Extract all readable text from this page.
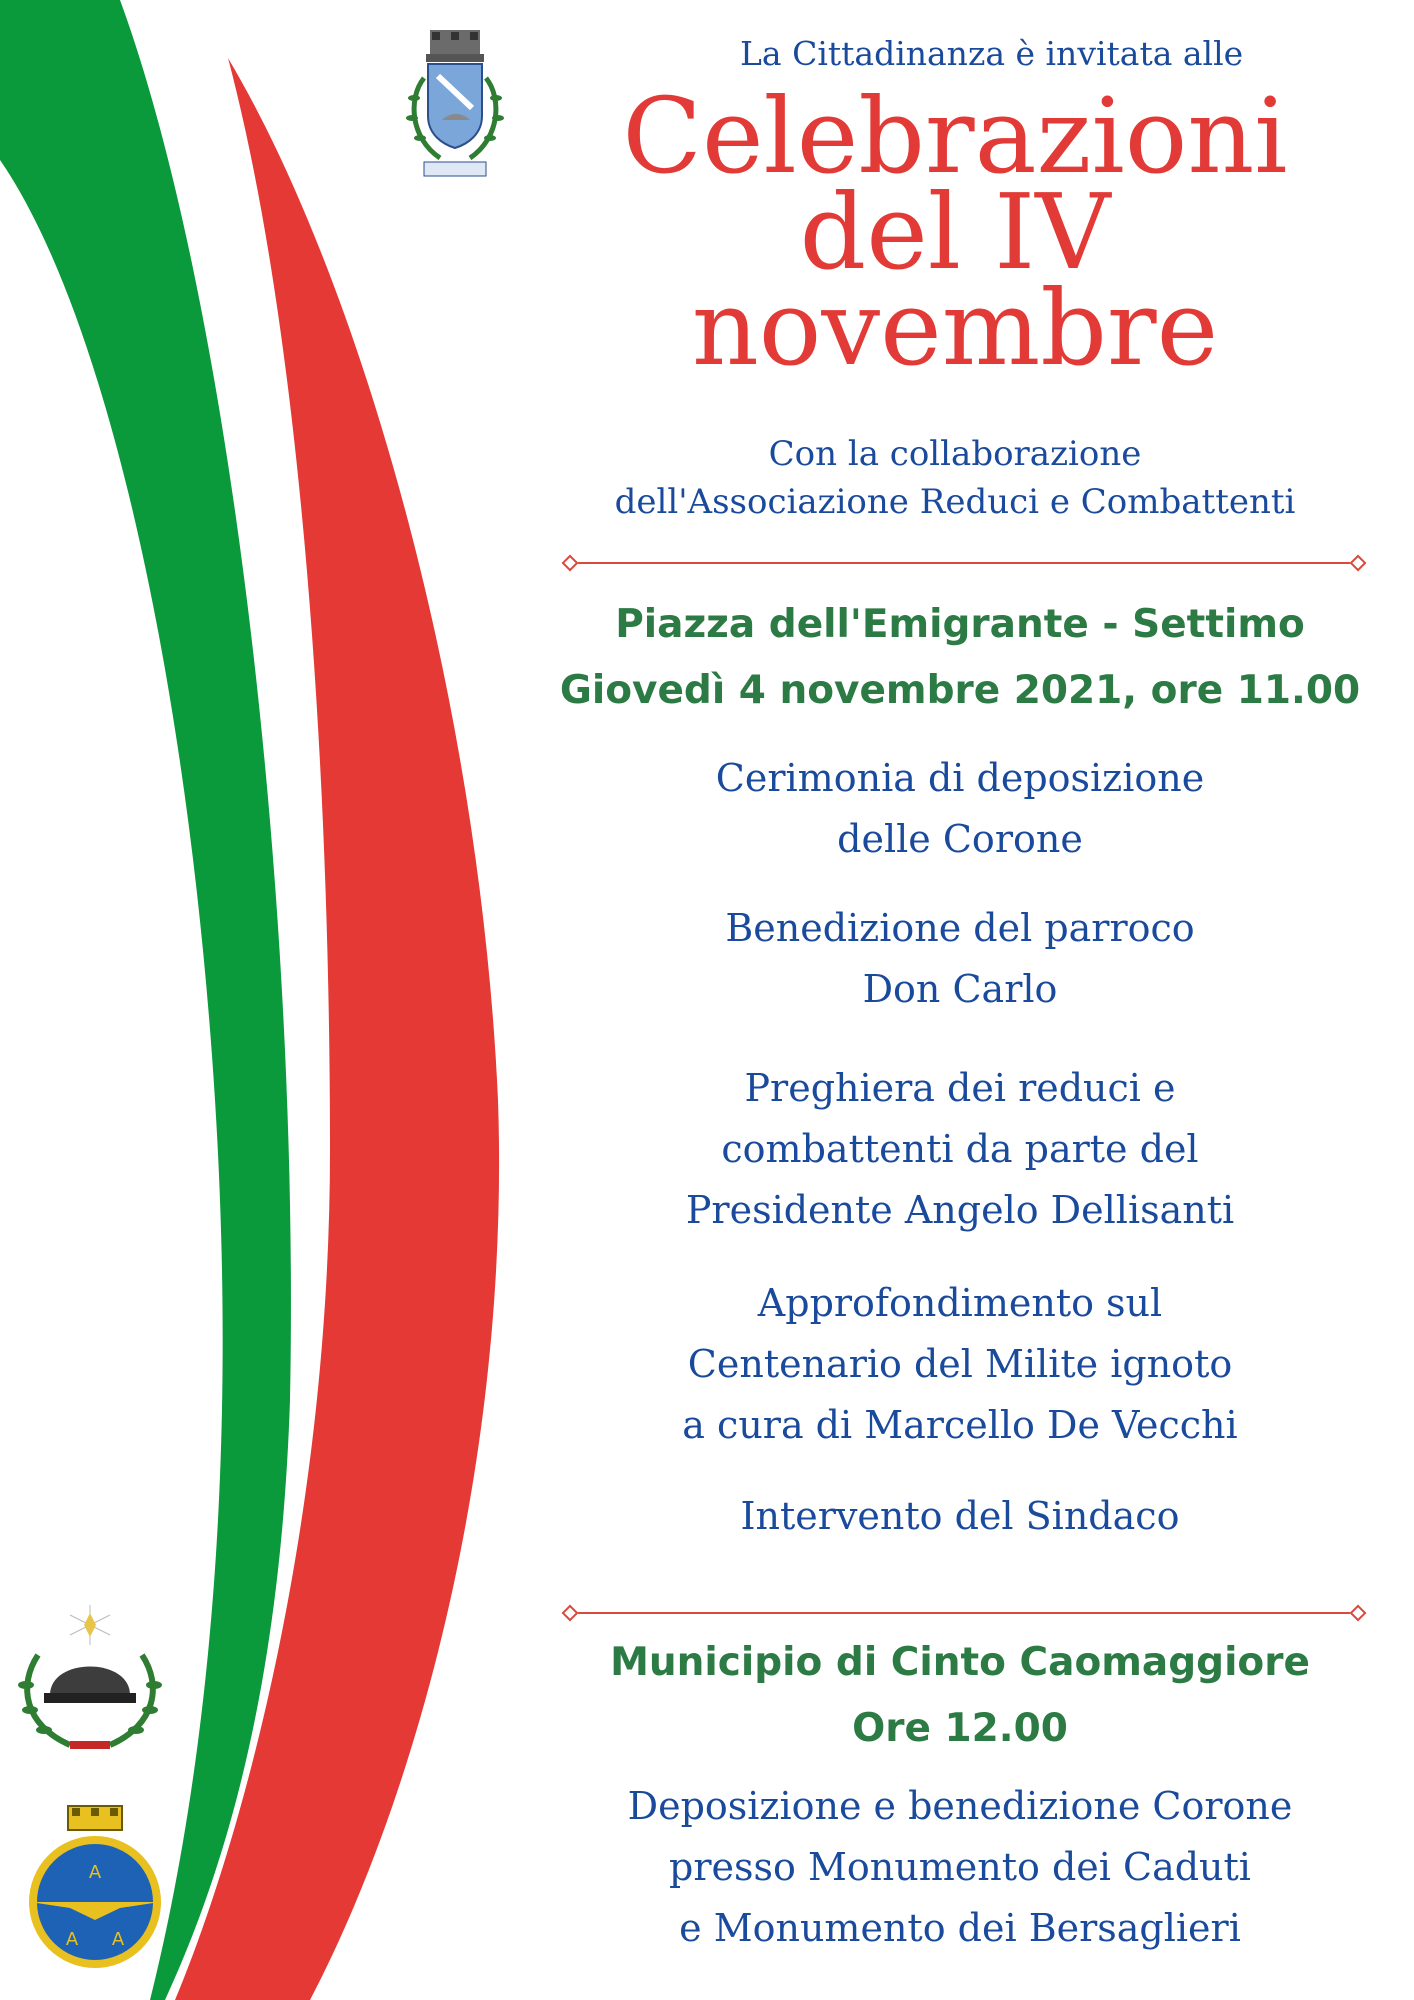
A
A A
La Cittadinanza è invitata alle
Celebrazioni
del IV
novembre
Con la collaborazione
dell'Associazione Reduci e Combattenti
Piazza dell'Emigrante - Settimo
Giovedì 4 novembre 2021, ore 11.00
Cerimonia di deposizione
delle Corone
Benedizione del parroco
Don Carlo
Preghiera dei reduci e
combattenti da parte del
Presidente Angelo Dellisanti
Approfondimento sul
Centenario del Milite ignoto
a cura di Marcello De Vecchi
Intervento del Sindaco
Municipio di Cinto Caomaggiore
Ore 12.00
Deposizione e benedizione Corone
presso Monumento dei Caduti
e Monumento dei Bersaglieri
